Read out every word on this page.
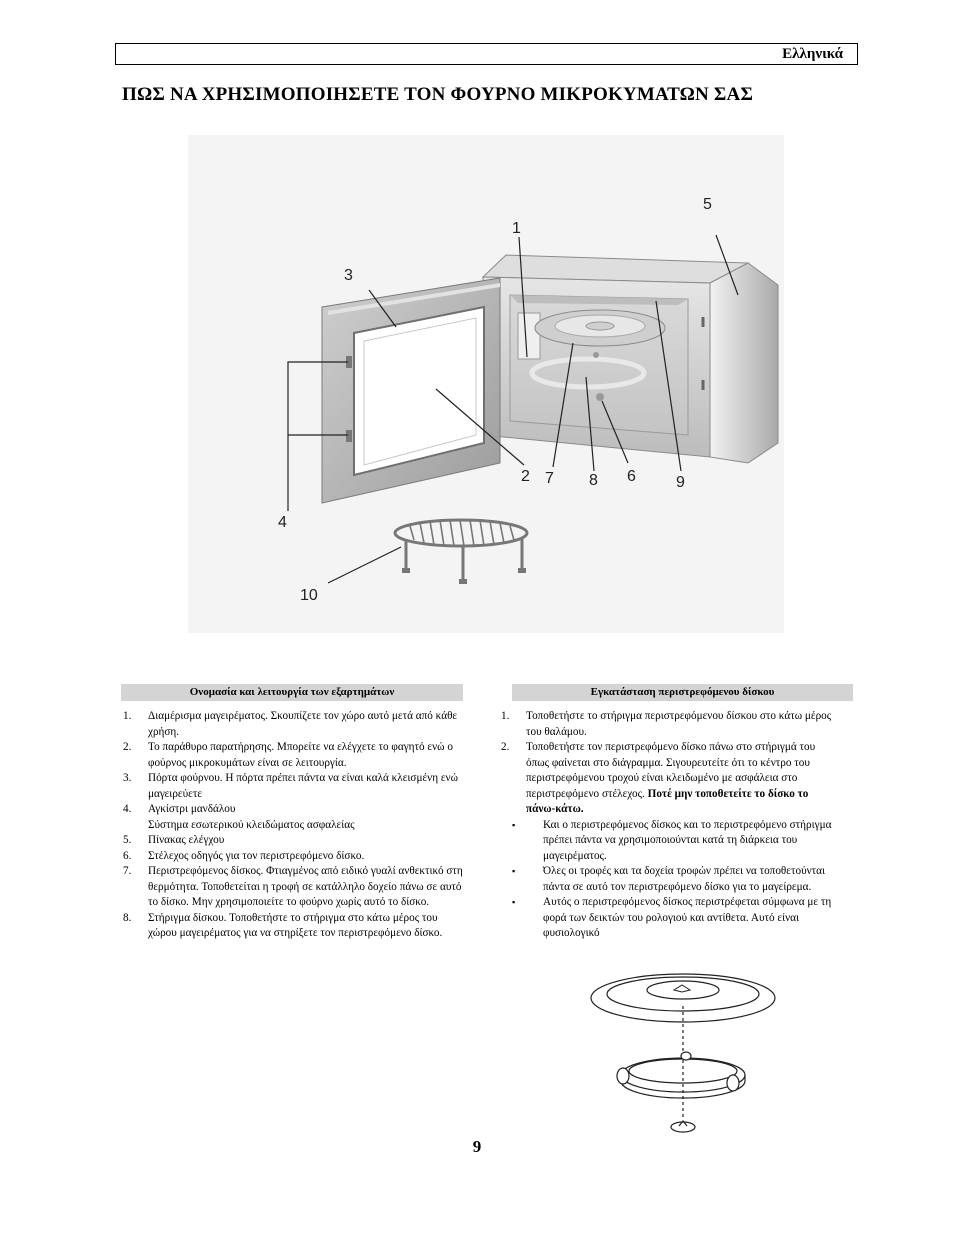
Ελληνικά
ΠΩΣ ΝΑ ΧΡΗΣΙΜΟΠΟΙΗΣΕΤΕ ΤΟΝ ΦΟΥΡΝΟ ΜΙΚΡΟΚΥΜΑΤΩΝ ΣΑΣ
1
2
3
4
5
6
7 8	9
10
Ονομασία και λειτουργία των εξαρτημάτων
1. Διαμέρισμα μαγειρέματος. Σκουπίζετε τον χώρο αυτό μετά από κάθε χρήση.
2. Το παράθυρο παρατήρησης. Μπορείτε να ελέγχετε το φαγητό ενώ ο φούρνος μικροκυμάτων είναι σε λειτουργία.
3. Πόρτα φούρνου. Η πόρτα πρέπει πάντα να είναι καλά κλεισμένη ενώ μαγειρεύετε
4. Αγκίστρι μανδάλου
Σύστημα εσωτερικού κλειδώματος ασφαλείας
5. Πίνακας ελέγχου
6. Στέλεχος οδηγός για τον περιστρεφόμενο δίσκο.
7. Περιστρεφόμενος δίσκος. Φτιαγμένος από ειδικό γυαλί ανθεκτικό στη θερμότητα. Τοποθετείται η τροφή σε κατάλληλο δοχείο πάνω σε αυτό το δίσκο. Μην χρησιμοποιείτε το φούρνο χωρίς αυτό το δίσκο.
8. Στήριγμα δίσκου. Τοποθετήστε το στήριγμα στο κάτω μέρος του χώρου μαγειρέματος για να στηρίξετε τον περιστρεφόμενο δίσκο.
Εγκατάσταση περιστρεφόμενου δίσκου
1. Τοποθετήστε το στήριγμα περιστρεφόμενου δίσκου στο κάτω μέρος του θαλάμου.
2. Τοποθετήστε τον περιστρεφόμενο δίσκο πάνω στο στήριγμά του όπως φαίνεται στο διάγραμμα. Σιγουρευτείτε ότι το κέντρο του περιστρεφόμενου τροχού είναι κλειδωμένο με ασφάλεια στο περιστρεφόμενο στέλεχος. Ποτέ μην τοποθετείτε το δίσκο το πάνω-κάτω.
▪ Και ο περιστρεφόμενος δίσκος και το περιστρεφόμενο στήριγμα πρέπει πάντα να χρησιμοποιούνται κατά τη διάρκεια του μαγειρέματος.
▪ Όλες οι τροφές και τα δοχεία τροφών πρέπει να τοποθετούνται πάντα σε αυτό τον περιστρεφόμενο δίσκο για το μαγείρεμα.
▪ Αυτός ο περιστρεφόμενος δίσκος περιστρέφεται σύμφωνα με τη φορά των δεικτών του ρολογιού και αντίθετα. Αυτό είναι φυσιολογικό
9
